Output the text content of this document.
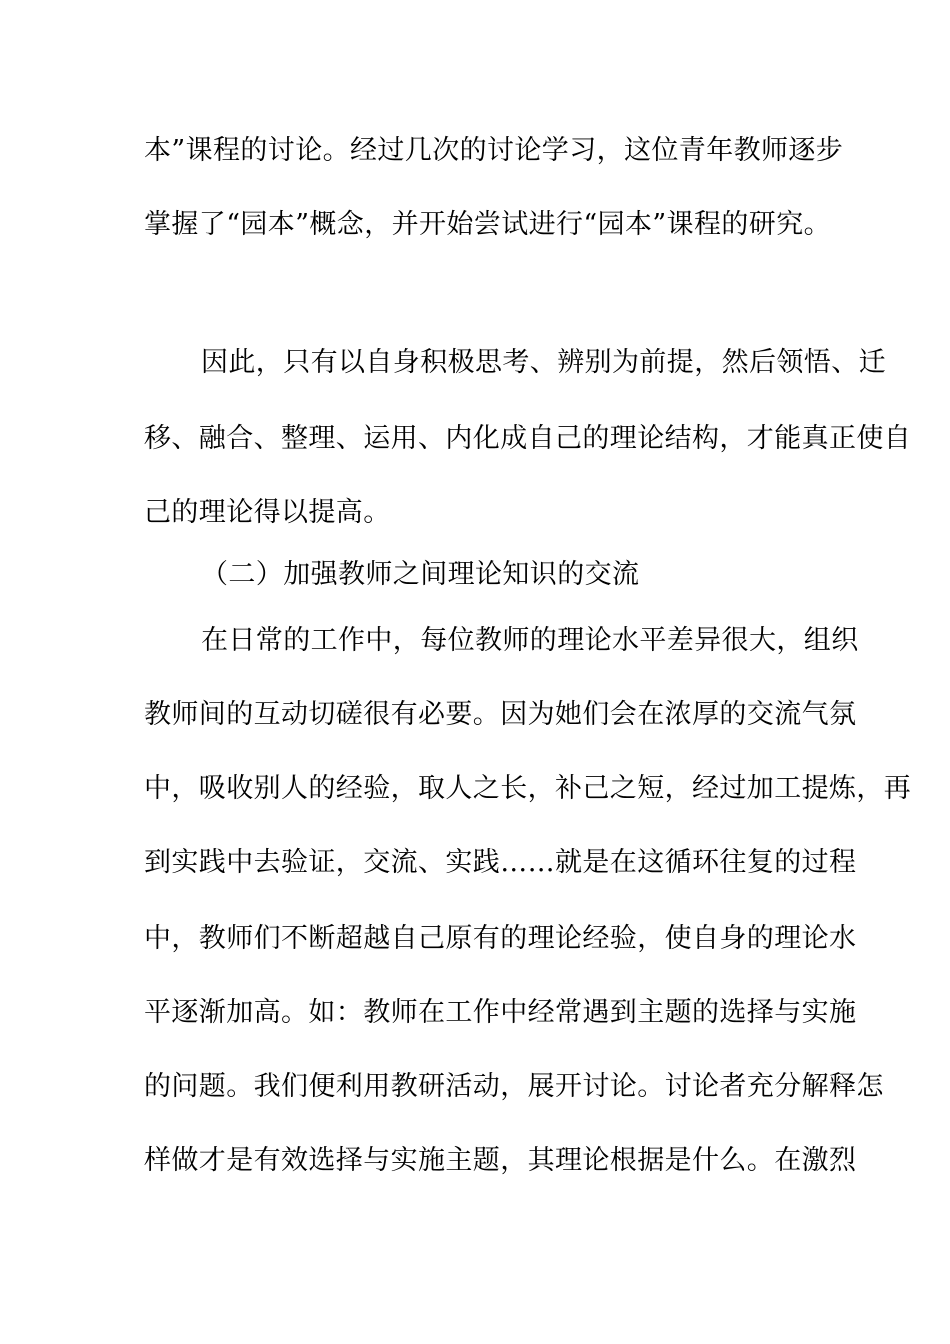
本”课程的讨论。经过几次的讨论学习，这位青年教师逐步
掌握了“园本”概念，并开始尝试进行“园本”课程的研究。
因此，只有以自身积极思考、辨别为前提，然后领悟、迁
移、融合、整理、运用、内化成自己的理论结构，才能真正使自
己的理论得以提高。
（二）加强教师之间理论知识的交流
在日常的工作中，每位教师的理论水平差异很大，组织
教师间的互动切磋很有必要。因为她们会在浓厚的交流气氛
中，吸收别人的经验，取人之长，补己之短，经过加工提炼，再
到实践中去验证，交流、实践……就是在这循环往复的过程
中，教师们不断超越自己原有的理论经验，使自身的理论水
平逐渐加高。如：教师在工作中经常遇到主题的选择与实施
的问题。我们便利用教研活动，展开讨论。讨论者充分解释怎
样做才是有效选择与实施主题，其理论根据是什么。在激烈
